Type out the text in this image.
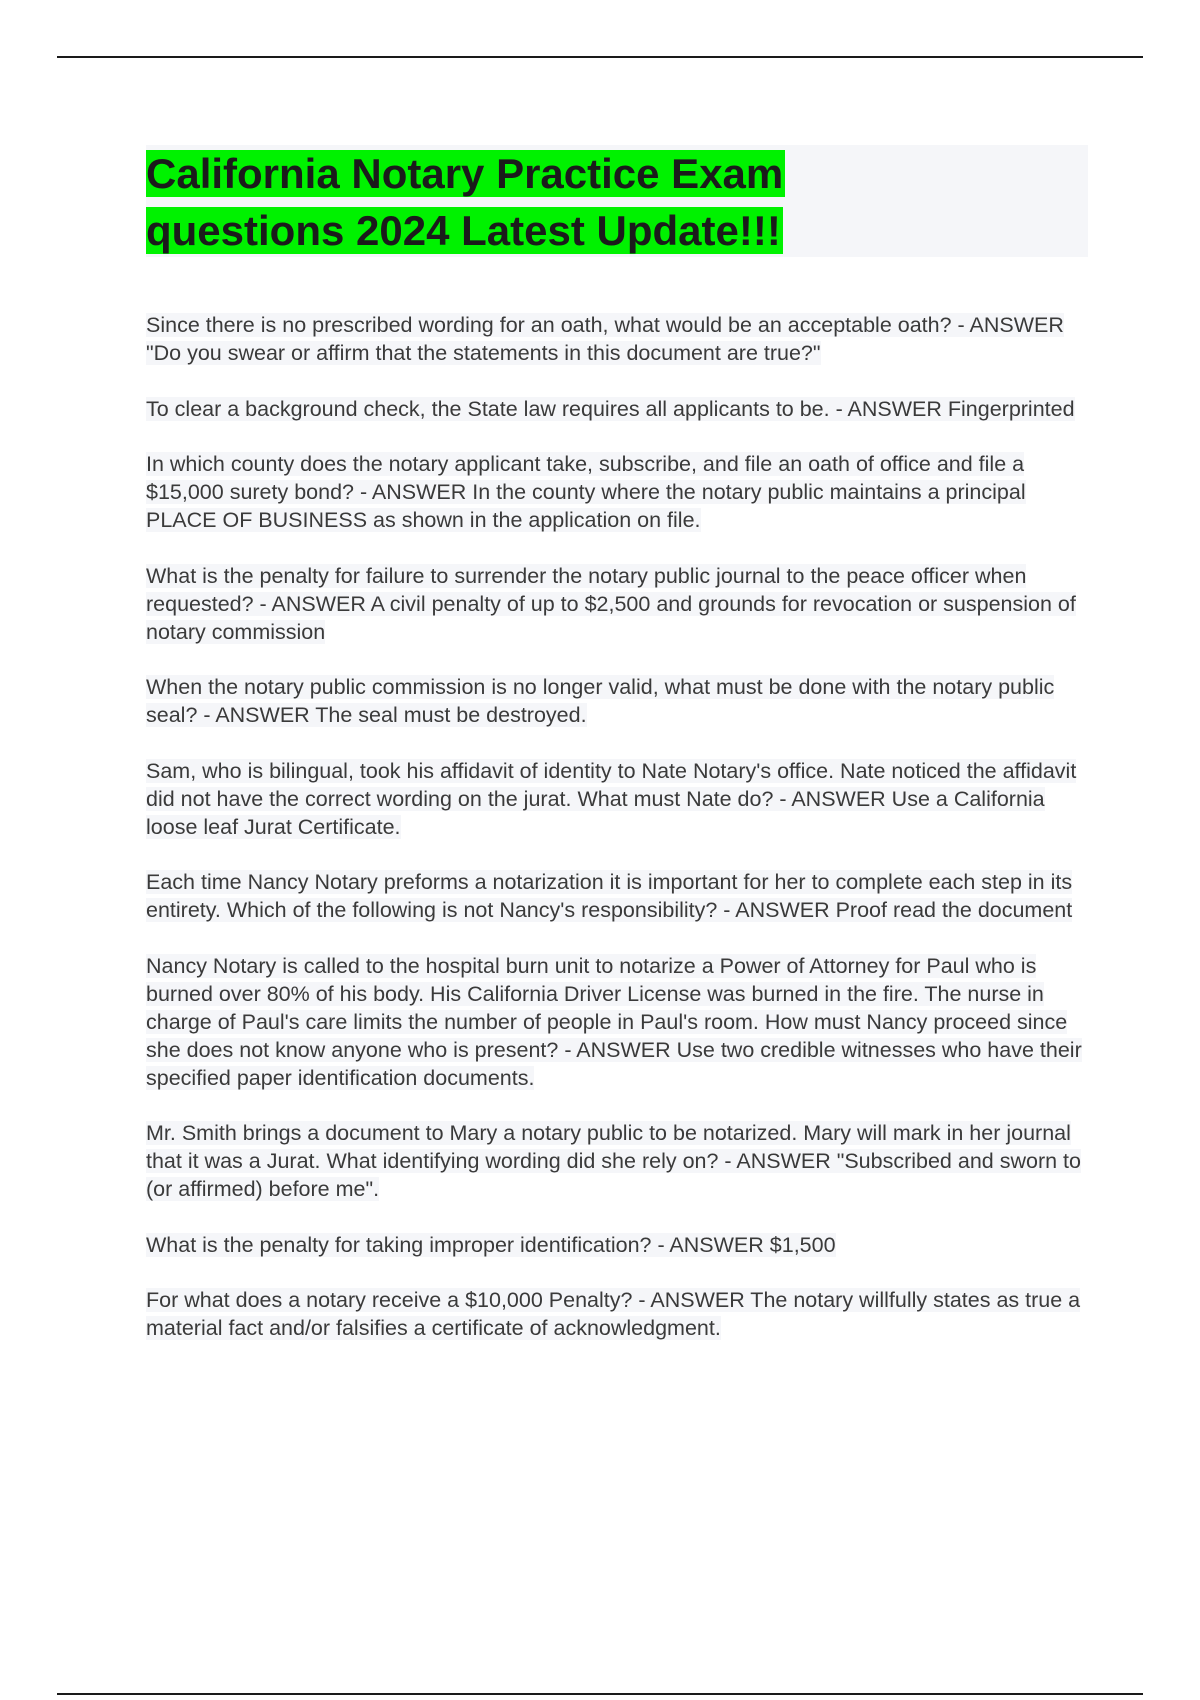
California Notary Practice Exam questions 2024 Latest Update!!!

Since there is no prescribed wording for an oath, what would be an acceptable oath? - ANSWER "Do you swear or affirm that the statements in this document are true?"

To clear a background check, the State law requires all applicants to be. - ANSWER Fingerprinted

In which county does the notary applicant take, subscribe, and file an oath of office and file a $15,000 surety bond? - ANSWER In the county where the notary public maintains a principal PLACE OF BUSINESS as shown in the application on file.

What is the penalty for failure to surrender the notary public journal to the peace officer when requested? - ANSWER A civil penalty of up to $2,500 and grounds for revocation or suspension of notary commission

When the notary public commission is no longer valid, what must be done with the notary public seal? - ANSWER The seal must be destroyed.

Sam, who is bilingual, took his affidavit of identity to Nate Notary's office. Nate noticed the affidavit did not have the correct wording on the jurat. What must Nate do? - ANSWER Use a California loose leaf Jurat Certificate.

Each time Nancy Notary preforms a notarization it is important for her to complete each step in its entirety. Which of the following is not Nancy's responsibility? - ANSWER Proof read the document

Nancy Notary is called to the hospital burn unit to notarize a Power of Attorney for Paul who is burned over 80% of his body. His California Driver License was burned in the fire. The nurse in charge of Paul's care limits the number of people in Paul's room. How must Nancy proceed since she does not know anyone who is present? - ANSWER Use two credible witnesses who have their specified paper identification documents.

Mr. Smith brings a document to Mary a notary public to be notarized. Mary will mark in her journal that it was a Jurat. What identifying wording did she rely on? - ANSWER "Subscribed and sworn to (or affirmed) before me".

What is the penalty for taking improper identification? - ANSWER $1,500

For what does a notary receive a $10,000 Penalty? - ANSWER The notary willfully states as true a material fact and/or falsifies a certificate of acknowledgment.
